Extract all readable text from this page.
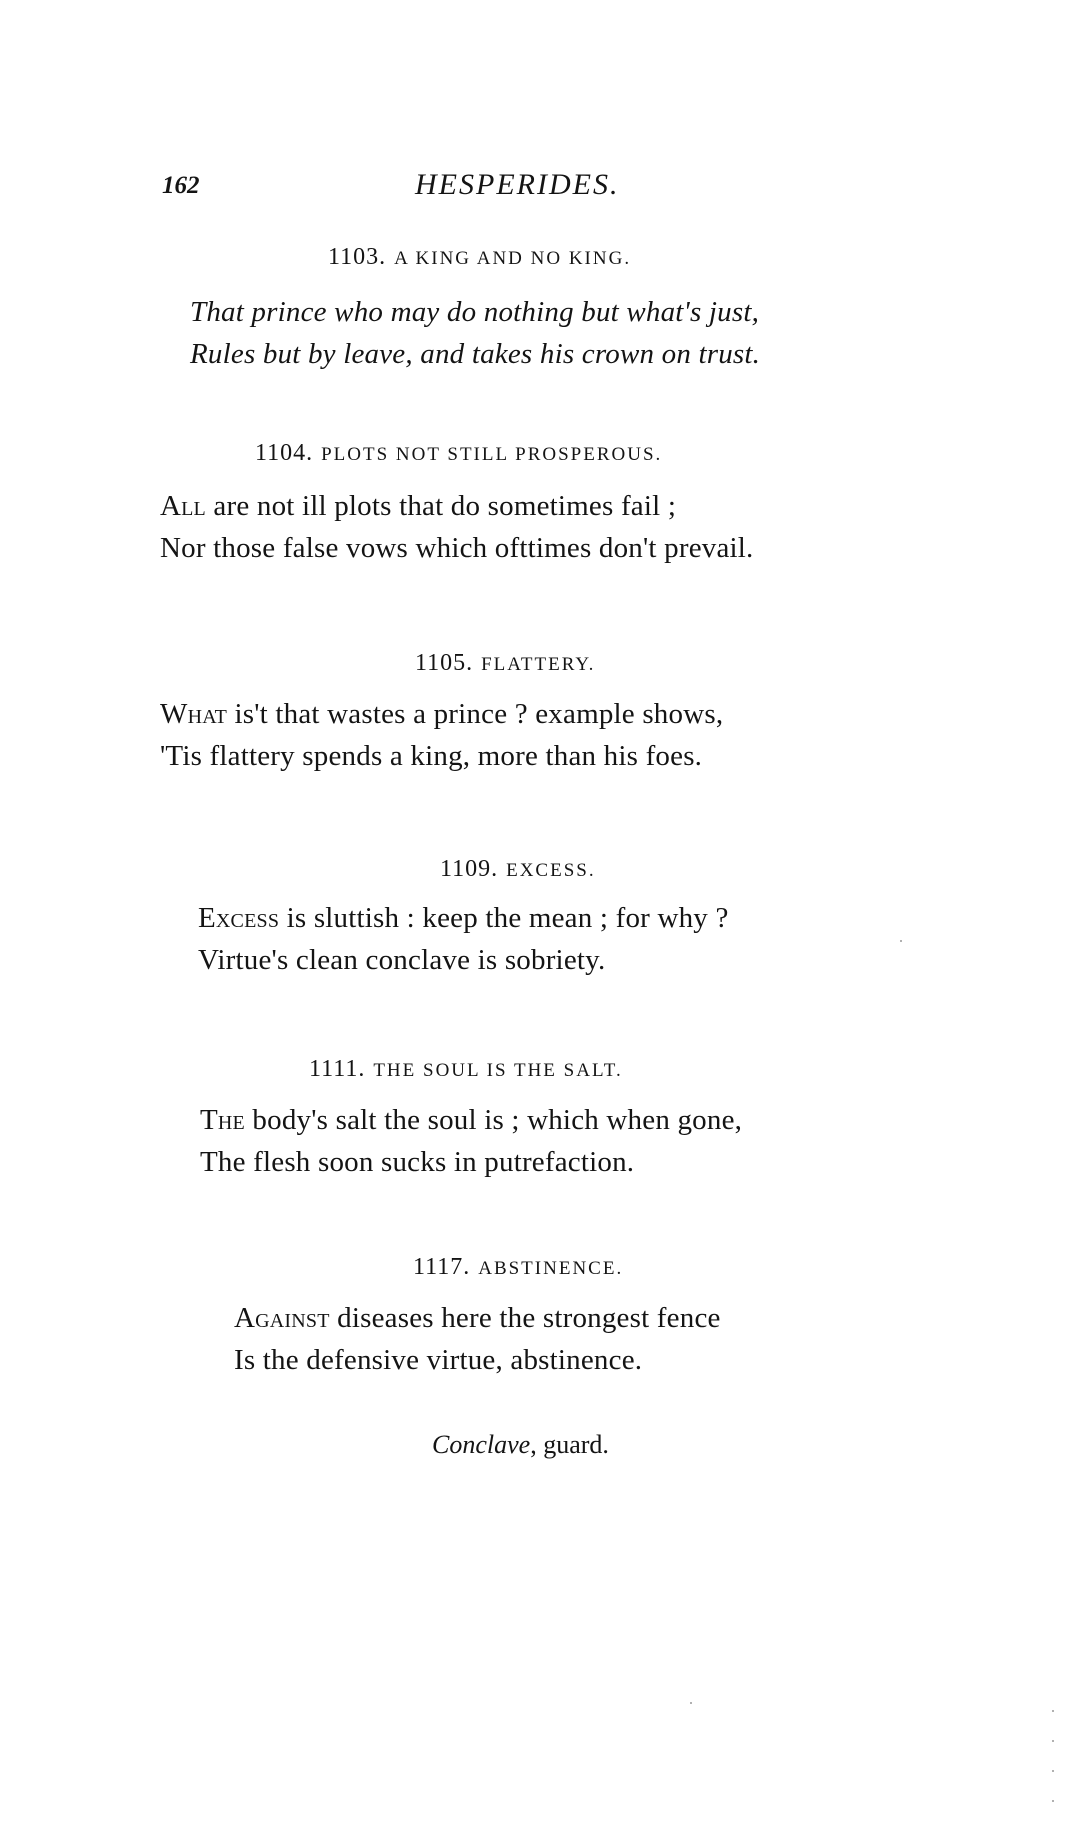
162	HESPERIDES.
1103. A KING AND NO KING.
That prince who may do nothing but what's just,
Rules but by leave, and takes his crown on trust.
1104. PLOTS NOT STILL PROSPEROUS.
All are not ill plots that do sometimes fail ;
Nor those false vows which ofttimes don't prevail.
1105. FLATTERY.
What is't that wastes a prince ? example shows,
'Tis flattery spends a king, more than his foes.
1109. EXCESS.
Excess is sluttish : keep the mean ; for why ?
Virtue's clean conclave is sobriety.
1111. THE SOUL IS THE SALT.
The body's salt the soul is ; which when gone,
The flesh soon sucks in putrefaction.
1117. ABSTINENCE.
Against diseases here the strongest fence
Is the defensive virtue, abstinence.
Conclave, guard.
